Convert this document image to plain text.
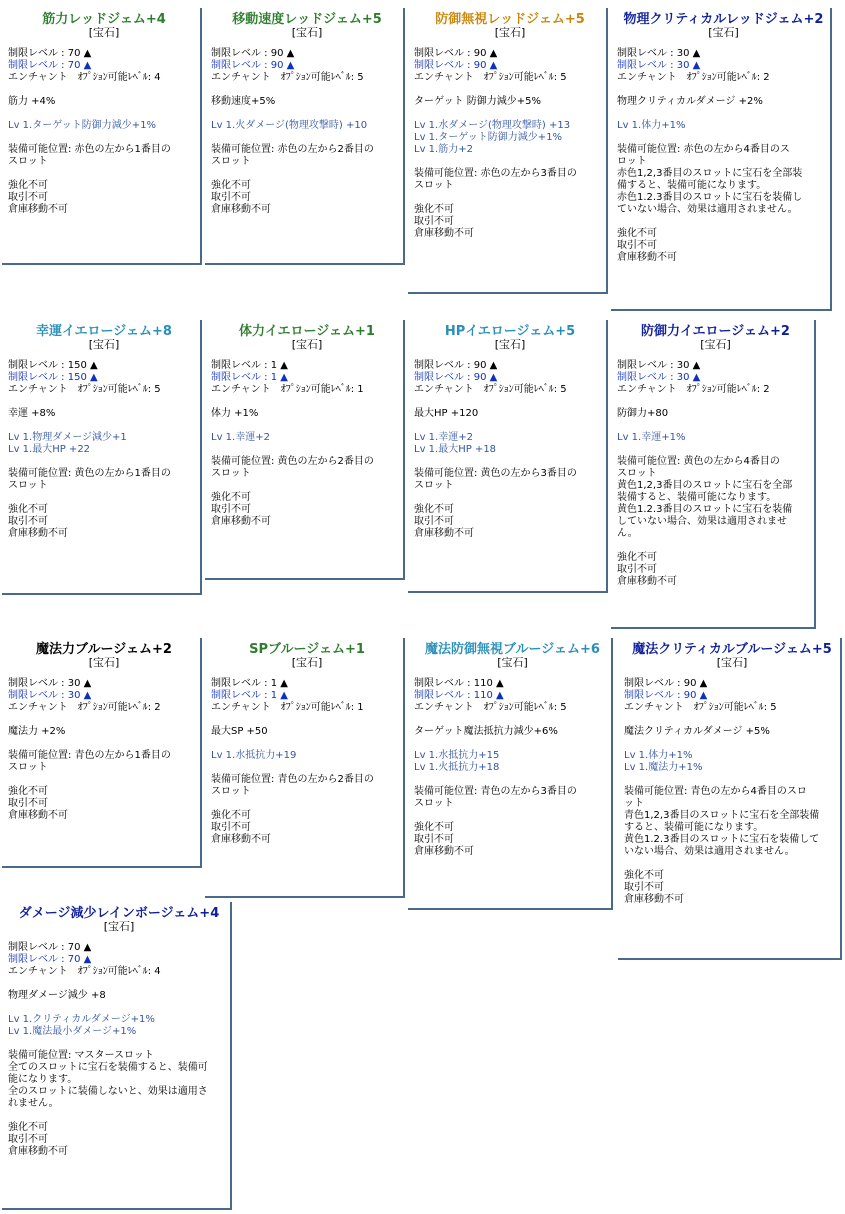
筋力レッドジェム+4
[宝石]
制限レベル : 70 ▲
制限レベル : 70 ▲
エンチャント　ｵﾌﾟｼｮﾝ可能ﾚﾍﾞﾙ: 4
筋力 +4%
Lv 1.ターゲット防御力減少+1%
装備可能位置: 赤色の左から1番目の
スロット
強化不可
取引不可
倉庫移動不可
移動速度レッドジェム+5
[宝石]
制限レベル : 90 ▲
制限レベル : 90 ▲
エンチャント　ｵﾌﾟｼｮﾝ可能ﾚﾍﾞﾙ: 5
移動速度+5%
Lv 1.火ダメージ(物理攻撃時) +10
装備可能位置: 赤色の左から2番目の
スロット
強化不可
取引不可
倉庫移動不可
防御無視レッドジェム+5
[宝石]
制限レベル : 90 ▲
制限レベル : 90 ▲
エンチャント　ｵﾌﾟｼｮﾝ可能ﾚﾍﾞﾙ: 5
ターゲット 防御力減少+5%
Lv 1.水ダメージ(物理攻撃時) +13
Lv 1.ターゲット防御力減少+1%
Lv 1.筋力+2
装備可能位置: 赤色の左から3番目の
スロット
強化不可
取引不可
倉庫移動不可
物理クリティカルレッドジェム+2
[宝石]
制限レベル : 30 ▲
制限レベル : 30 ▲
エンチャント　ｵﾌﾟｼｮﾝ可能ﾚﾍﾞﾙ: 2
物理クリティカルダメージ +2%
Lv 1.体力+1%
装備可能位置: 赤色の左から4番目のス
ロット
赤色1,2,3番目のスロットに宝石を全部装
備すると、装備可能になります。
赤色1.2.3番目のスロットに宝石を装備し
ていない場合、効果は適用されません。
強化不可
取引不可
倉庫移動不可
幸運イエロージェム+8
[宝石]
制限レベル : 150 ▲
制限レベル : 150 ▲
エンチャント　ｵﾌﾟｼｮﾝ可能ﾚﾍﾞﾙ: 5
幸運 +8%
Lv 1.物理ダメージ減少+1
Lv 1.最大HP +22
装備可能位置: 黄色の左から1番目の
スロット
強化不可
取引不可
倉庫移動不可
体力イエロージェム+1
[宝石]
制限レベル : 1 ▲
制限レベル : 1 ▲
エンチャント　ｵﾌﾟｼｮﾝ可能ﾚﾍﾞﾙ: 1
体力 +1%
Lv 1.幸運+2
装備可能位置: 黄色の左から2番目の
スロット
強化不可
取引不可
倉庫移動不可
HPイエロージェム+5
[宝石]
制限レベル : 90 ▲
制限レベル : 90 ▲
エンチャント　ｵﾌﾟｼｮﾝ可能ﾚﾍﾞﾙ: 5
最大HP +120
Lv 1.幸運+2
Lv 1.最大HP +18
装備可能位置: 黄色の左から3番目の
スロット
強化不可
取引不可
倉庫移動不可
防御力イエロージェム+2
[宝石]
制限レベル : 30 ▲
制限レベル : 30 ▲
エンチャント　ｵﾌﾟｼｮﾝ可能ﾚﾍﾞﾙ: 2
防御力+80
Lv 1.幸運+1%
装備可能位置: 黄色の左から4番目の
スロット
黄色1,2,3番目のスロットに宝石を全部
装備すると、装備可能になります。
黄色1.2.3番目のスロットに宝石を装備
していない場合、効果は適用されませ
ん。
強化不可
取引不可
倉庫移動不可
魔法力ブルージェム+2
[宝石]
制限レベル : 30 ▲
制限レベル : 30 ▲
エンチャント　ｵﾌﾟｼｮﾝ可能ﾚﾍﾞﾙ: 2
魔法力 +2%
装備可能位置: 青色の左から1番目の
スロット
強化不可
取引不可
倉庫移動不可
SPブルージェム+1
[宝石]
制限レベル : 1 ▲
制限レベル : 1 ▲
エンチャント　ｵﾌﾟｼｮﾝ可能ﾚﾍﾞﾙ: 1
最大SP +50
Lv 1.水抵抗力+19
装備可能位置: 青色の左から2番目の
スロット
強化不可
取引不可
倉庫移動不可
魔法防御無視ブルージェム+6
[宝石]
制限レベル : 110 ▲
制限レベル : 110 ▲
エンチャント　ｵﾌﾟｼｮﾝ可能ﾚﾍﾞﾙ: 5
ターゲット魔法抵抗力減少+6%
Lv 1.水抵抗力+15
Lv 1.火抵抗力+18
装備可能位置: 青色の左から3番目の
スロット
強化不可
取引不可
倉庫移動不可
魔法クリティカルブルージェム+5
[宝石]
制限レベル : 90 ▲
制限レベル : 90 ▲
エンチャント　ｵﾌﾟｼｮﾝ可能ﾚﾍﾞﾙ: 5
魔法クリティカルダメージ +5%
Lv 1.体力+1%
Lv 1.魔法力+1%
装備可能位置: 青色の左から4番目のスロ
ット
青色1,2,3番目のスロットに宝石を全部装備
すると、装備可能になります。
黄色1.2.3番目のスロットに宝石を装備して
いない場合、効果は適用されません。
強化不可
取引不可
倉庫移動不可
ダメージ減少レインボージェム+4
[宝石]
制限レベル : 70 ▲
制限レベル : 70 ▲
エンチャント　ｵﾌﾟｼｮﾝ可能ﾚﾍﾞﾙ: 4
物理ダメージ減少 +8
Lv 1.クリティカルダメージ+1%
Lv 1.魔法最小ダメージ+1%
装備可能位置: マスタースロット
全てのスロットに宝石を装備すると、装備可
能になります。
全のスロットに装備しないと、効果は適用さ
れません。
強化不可
取引不可
倉庫移動不可
